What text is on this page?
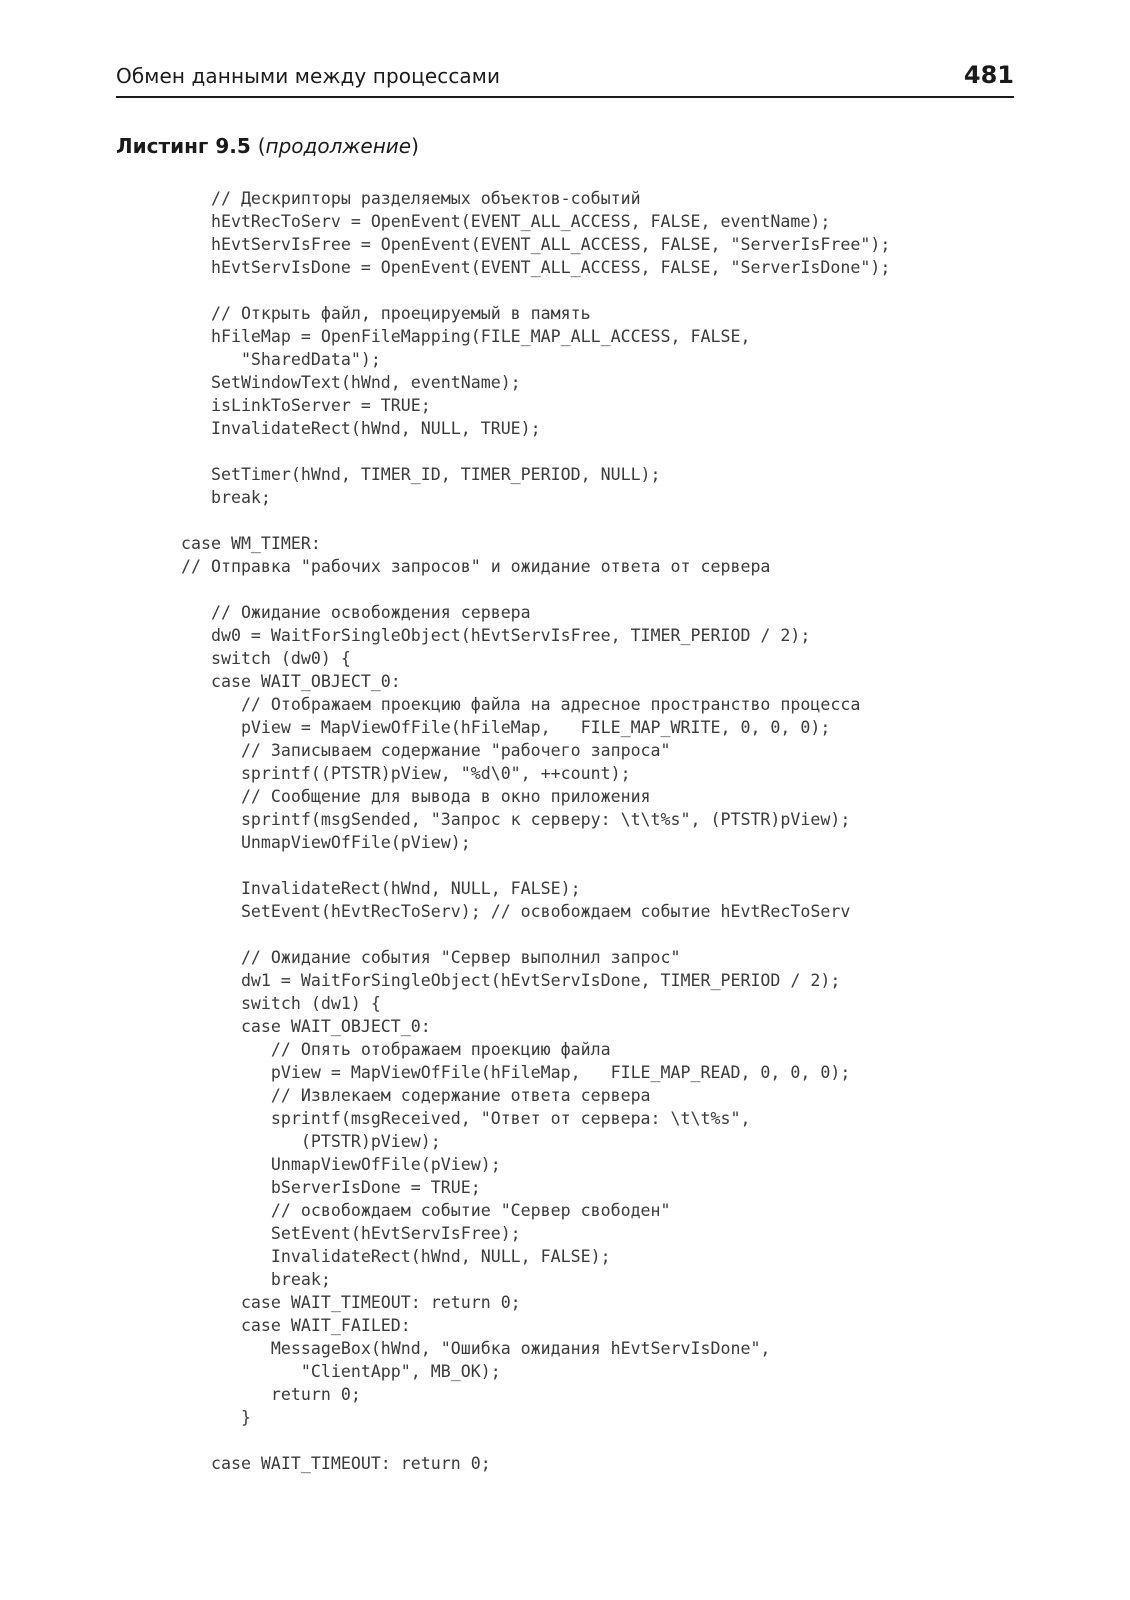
Обмен данными между процессами	481
Листинг 9.5 (продолжение)
// Дескрипторы разделяемых объектов-событий
hEvtRecToServ = OpenEvent(EVENT_ALL_ACCESS, FALSE, eventName);
hEvtServIsFree = OpenEvent(EVENT_ALL_ACCESS, FALSE, "ServerIsFree");
hEvtServIsDone = OpenEvent(EVENT_ALL_ACCESS, FALSE, "ServerIsDone");
// Открыть файл, проецируемый в память
hFileMap = OpenFileMapping(FILE_MAP_ALL_ACCESS, FALSE,
"SharedData");
SetWindowText(hWnd, eventName);
isLinkToServer = TRUE;
InvalidateRect(hWnd, NULL, TRUE);
SetTimer(hWnd, TIMER_ID, TIMER_PERIOD, NULL);
break;
case WM_TIMER:
// Отправка "рабочих запросов" и ожидание ответа от сервера
// Ожидание освобождения сервера
dw0 = WaitForSingleObject(hEvtServIsFree, TIMER_PERIOD / 2);
switch (dw0) {
case WAIT_OBJECT_0:
// Отображаем проекцию файла на адресное пространство процесса
pView = MapViewOfFile(hFileMap,   FILE_MAP_WRITE, 0, 0, 0);
// Записываем содержание "рабочего запроса"
sprintf((PTSTR)pView, "%d\0", ++count);
// Сообщение для вывода в окно приложения
sprintf(msgSended, "Запрос к серверу: \t\t%s", (PTSTR)pView);
UnmapViewOfFile(pView);
InvalidateRect(hWnd, NULL, FALSE);
SetEvent(hEvtRecToServ); // освобождаем событие hEvtRecToServ
// Ожидание события "Сервер выполнил запрос"
dw1 = WaitForSingleObject(hEvtServIsDone, TIMER_PERIOD / 2);
switch (dw1) {
case WAIT_OBJECT_0:
// Опять отображаем проекцию файла
pView = MapViewOfFile(hFileMap,   FILE_MAP_READ, 0, 0, 0);
// Извлекаем содержание ответа сервера
sprintf(msgReceived, "Ответ от сервера: \t\t%s",
(PTSTR)pView);
UnmapViewOfFile(pView);
bServerIsDone = TRUE;
// освобождаем событие "Сервер свободен"
SetEvent(hEvtServIsFree);
InvalidateRect(hWnd, NULL, FALSE);
break;
case WAIT_TIMEOUT: return 0;
case WAIT_FAILED:
MessageBox(hWnd, "Ошибка ожидания hEvtServIsDone",
"ClientApp", MB_OK);
return 0;
}
case WAIT_TIMEOUT: return 0;
